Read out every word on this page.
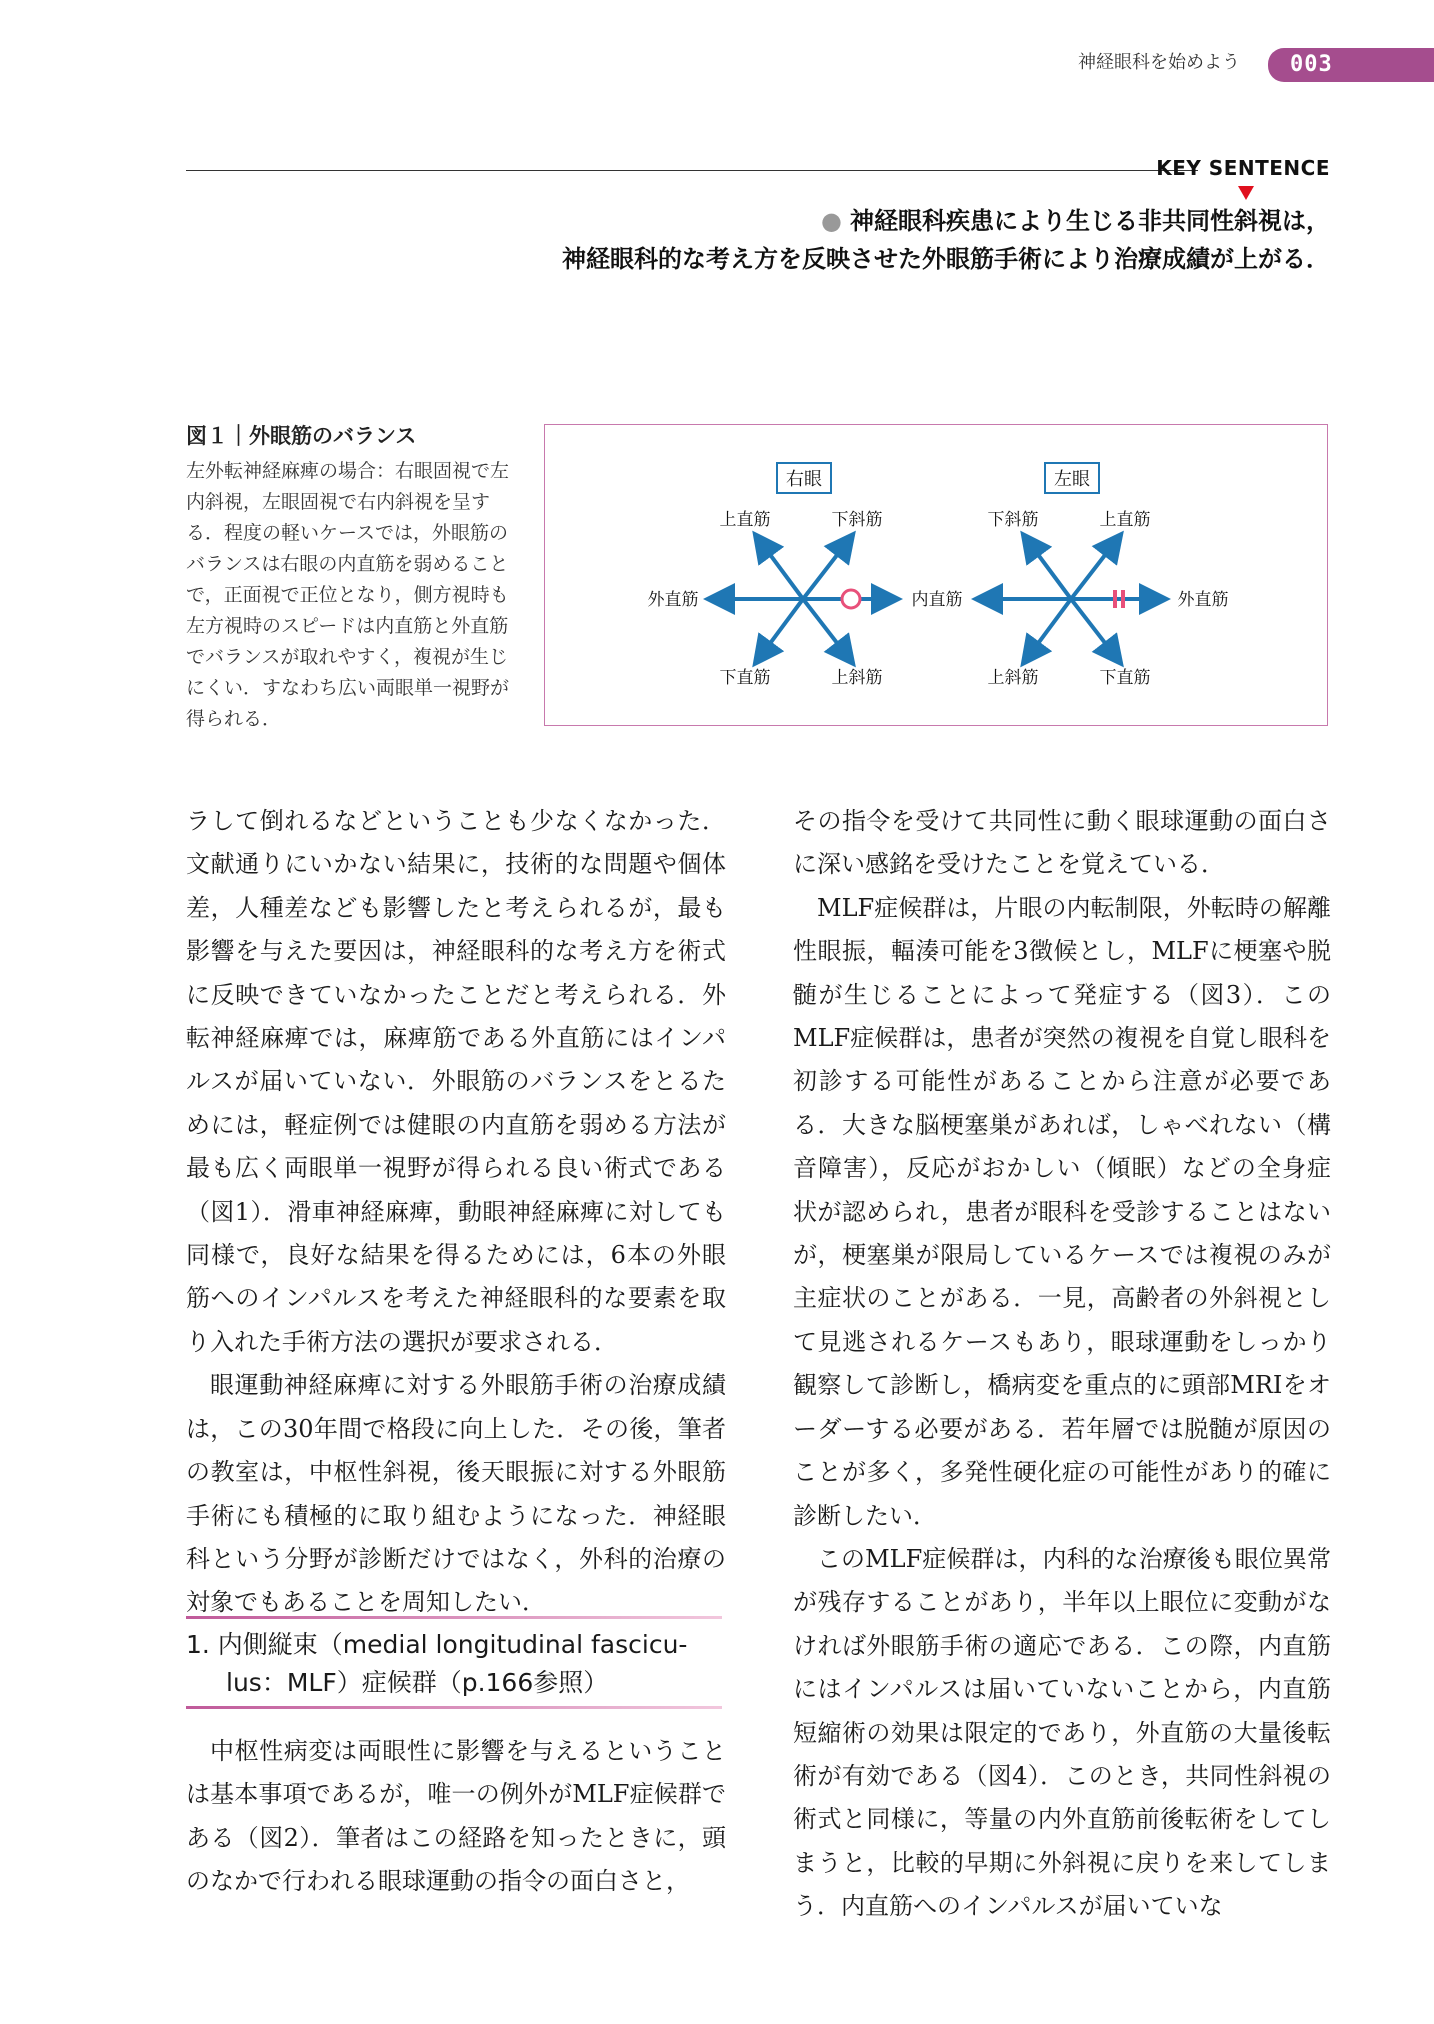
神経眼科を始めよう 003
KEY SENTENCE
● 神経眼科疾患により生じる非共同性斜視は，
神経眼科的な考え方を反映させた外眼筋手術により治療成績が上がる．
図１｜外眼筋のバランス
左外転神経麻痺の場合：右眼固視で左内斜視，左眼固視で右内斜視を呈する．程度の軽いケースでは，外眼筋のバランスは右眼の内直筋を弱めることで，正面視で正位となり，側方視時も左方視時のスピードは内直筋と外直筋でバランスが取れやすく，複視が生じにくい．すなわち広い両眼単一視野が得られる．
右眼
上直筋	下斜筋
外直筋	内直筋
下直筋	上斜筋
左眼
下斜筋	上直筋
外直筋
上斜筋	下直筋

ラして倒れるなどということも少なくなかった．文献通りにいかない結果に，技術的な問題や個体差，人種差なども影響したと考えられるが，最も影響を与えた要因は，神経眼科的な考え方を術式に反映できていなかったことだと考えられる．外転神経麻痺では，麻痺筋である外直筋にはインパルスが届いていない．外眼筋のバランスをとるためには，軽症例では健眼の内直筋を弱める方法が最も広く両眼単一視野が得られる良い術式である（図1）．滑車神経麻痺，動眼神経麻痺に対しても同様で，良好な結果を得るためには，6本の外眼筋へのインパルスを考えた神経眼科的な要素を取り入れた手術方法の選択が要求される．

眼運動神経麻痺に対する外眼筋手術の治療成績は，この30年間で格段に向上した．その後，筆者の教室は，中枢性斜視，後天眼振に対する外眼筋手術にも積極的に取り組むようになった．神経眼科という分野が診断だけではなく，外科的治療の対象でもあることを周知したい．

1. 内側縦束（medial longitudinal fascicu-
lus：MLF）症候群（p.166参照）

中枢性病変は両眼性に影響を与えるということは基本事項であるが，唯一の例外がMLF症候群である（図2）．筆者はこの経路を知ったときに，頭のなかで行われる眼球運動の指令の面白さと，

その指令を受けて共同性に動く眼球運動の面白さに深い感銘を受けたことを覚えている．

MLF症候群は，片眼の内転制限，外転時の解離性眼振，輻湊可能を3徴候とし，MLFに梗塞や脱髄が生じることによって発症する（図3）．このMLF症候群は，患者が突然の複視を自覚し眼科を初診する可能性があることから注意が必要である．大きな脳梗塞巣があれば，しゃべれない（構音障害），反応がおかしい（傾眠）などの全身症状が認められ，患者が眼科を受診することはないが，梗塞巣が限局しているケースでは複視のみが主症状のことがある．一見，高齢者の外斜視として見逃されるケースもあり，眼球運動をしっかり観察して診断し，橋病変を重点的に頭部MRIをオーダーする必要がある．若年層では脱髄が原因のことが多く，多発性硬化症の可能性があり的確に診断したい．

このMLF症候群は，内科的な治療後も眼位異常が残存することがあり，半年以上眼位に変動がなければ外眼筋手術の適応である．この際，内直筋にはインパルスは届いていないことから，内直筋短縮術の効果は限定的であり，外直筋の大量後転術が有効である（図4）．このとき，共同性斜視の術式と同様に，等量の内外直筋前後転術をしてしまうと，比較的早期に外斜視に戻りを来してしまう．内直筋へのインパルスが届いていな
